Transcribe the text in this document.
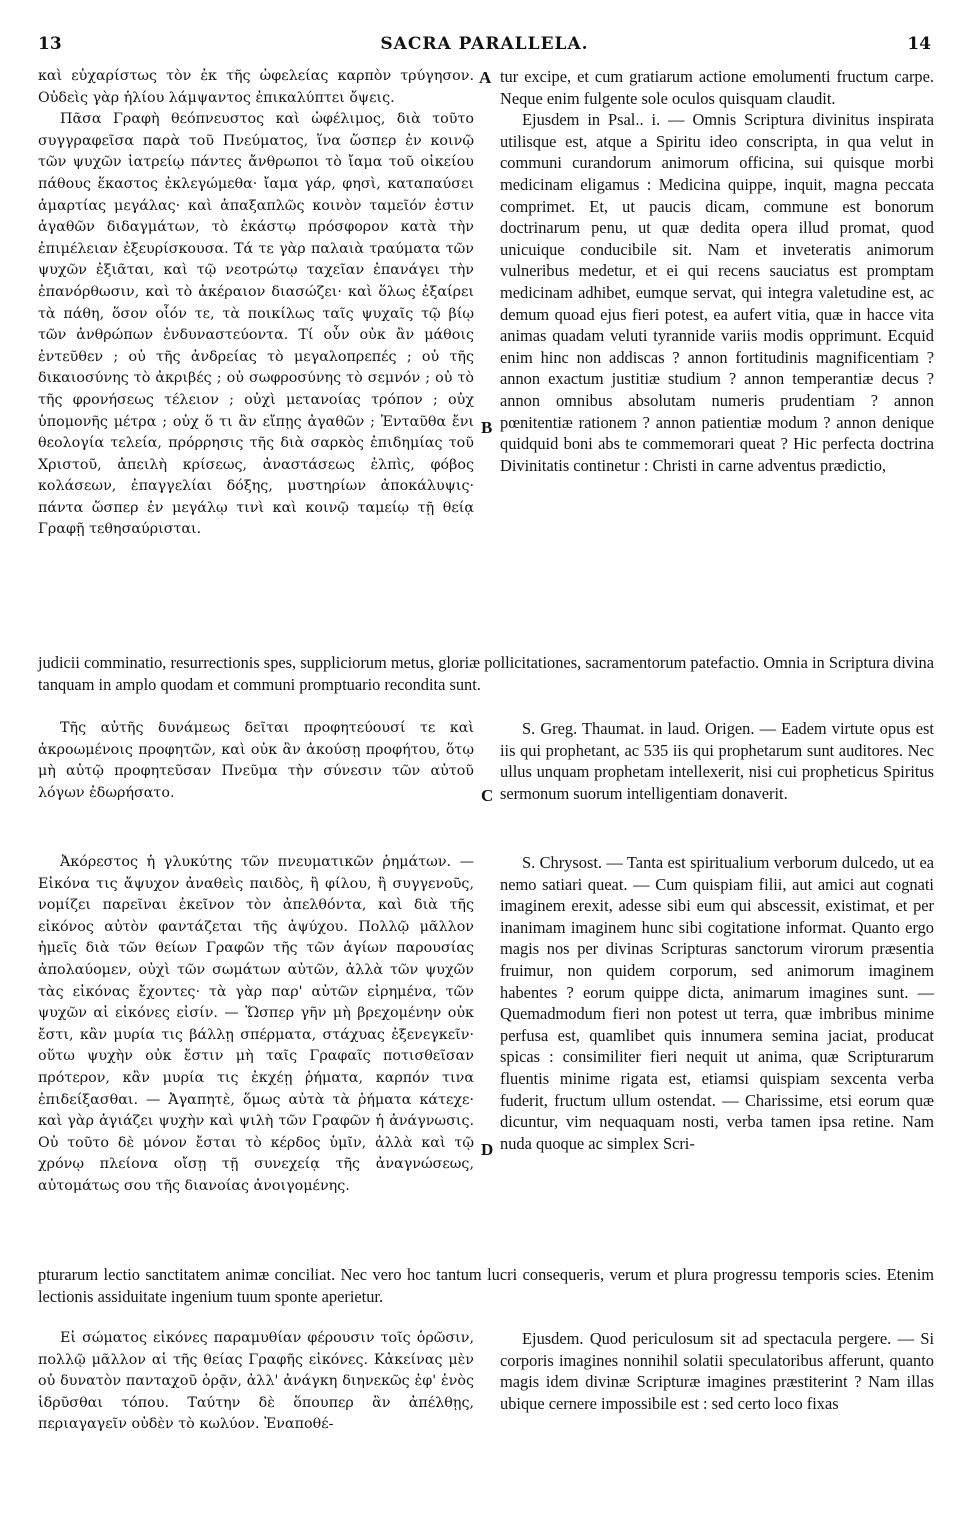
13	SACRA PARALLELA.	14

καὶ εὐχαρίστως τὸν ἐκ τῆς ὠφελείας καρπὸν τρύγησον. Οὐδεὶς γὰρ ἡλίου λάμψαντος ἐπικαλύπτει ὄψεις.

Πᾶσα Γραφὴ θεόπνευστος καὶ ὠφέλιμος, διὰ τοῦτο συγγραφεῖσα παρὰ τοῦ Πνεύματος, ἵνα ὥσπερ ἐν κοινῷ τῶν ψυχῶν ἰατρείῳ πάντες ἄνθρωποι τὸ ἴαμα τοῦ οἰκείου πάθους ἕκαστος ἐκλεγώμεθα· ἴαμα γάρ, φησὶ, καταπαύσει ἁμαρτίας μεγάλας· καὶ ἁπαξαπλῶς κοινὸν ταμεῖόν ἐστιν ἀγαθῶν διδαγμάτων, τὸ ἑκάστῳ πρόσφορον κατὰ τὴν ἐπιμέλειαν ἐξευρίσκουσα. Τά τε γὰρ παλαιὰ τραύματα τῶν ψυχῶν ἐξιᾶται, καὶ τῷ νεοτρώτῳ ταχεῖαν ἐπανάγει τὴν ἐπανόρθωσιν, καὶ τὸ ἀκέραιον διασώζει· καὶ ὅλως ἐξαίρει τὰ πάθη, ὅσον οἷόν τε, τὰ ποικίλως ταῖς ψυχαῖς τῷ βίῳ τῶν ἀνθρώπων ἐνδυναστεύοντα. Τί οὖν οὐκ ἂν μάθοις ἐντεῦθεν ; οὐ τῆς ἀνδρείας τὸ μεγαλοπρεπές ; οὐ τῆς δικαιοσύνης τὸ ἀκριβές ; οὐ σωφροσύνης τὸ σεμνόν ; οὐ τὸ τῆς φρονήσεως τέλειον ; οὐχὶ μετανοίας τρόπον ; οὐχ ὑπομονῆς μέτρα ; οὐχ ὅ τι ἂν εἴπῃς ἀγαθῶν ; Ἐνταῦθα ἔνι θεολογία τελεία, πρόρρησις τῆς διὰ σαρκὸς ἐπιδημίας τοῦ Χριστοῦ, ἀπειλὴ κρίσεως, ἀναστάσεως ἐλπὶς, φόβος κολάσεων, ἐπαγγελίαι δόξης, μυστηρίων ἀποκάλυψις· πάντα ὥσπερ ἐν μεγάλῳ τινὶ καὶ κοινῷ ταμείῳ τῇ θείᾳ Γραφῇ τεθησαύρισται.

tur excipe, et cum gratiarum actione emolumenti fructum carpe. Neque enim fulgente sole oculos quisquam claudit.

Ejusdem in Psal.. i. — Omnis Scriptura divinitus inspirata utilisque est, atque a Spiritu ideo conscripta, in qua velut in communi curandorum animorum officina, sui quisque morbi medicinam eligamus : Medicina quippe, inquit, magna peccata comprimet. Et, ut paucis dicam, commune est bonorum doctrinarum penu, ut quæ dedita opera illud promat, quod unicuique conducibile sit. Nam et inveteratis animorum vulneribus medetur, et ei qui recens sauciatus est promptam medicinam adhibet, eumque servat, qui integra valetudine est, ac demum quoad ejus fieri potest, ea aufert vitia, quæ in hacce vita animas quadam veluti tyrannide variis modis opprimunt. Ecquid enim hinc non addiscas ? annon fortitudinis magnificentiam ? annon exactum justitiæ studium ? annon temperantiæ decus ? annon omnibus absolutam numeris prudentiam ? annon pœnitentiæ rationem ? annon patientiæ modum ? annon denique quidquid boni abs te commemorari queat ? Hic perfecta doctrina Divinitatis continetur : Christi in carne adventus prædictio,

judicii comminatio, resurrectionis spes, suppliciorum metus, gloriæ pollicitationes, sacramentorum patefactio. Omnia in Scriptura divina tanquam in amplo quodam et communi promptuario recondita sunt.

Τῆς αὐτῆς δυνάμεως δεῖται προφητεύουσί τε καὶ ἀκροωμένοις προφητῶν, καὶ οὐκ ἂν ἀκούσῃ προφήτου, ὅτῳ μὴ αὐτῷ προφητεῦσαν Πνεῦμα τὴν σύνεσιν τῶν αὐτοῦ λόγων ἐδωρήσατο.

S. Greg. Thaumat. in laud. Origen. — Eadem virtute opus est iis qui prophetant, ac 535 iis qui prophetarum sunt auditores. Nec ullus unquam prophetam intellexerit, nisi cui propheticus Spiritus sermonum suorum intelligentiam donaverit.

Ἀκόρεστος ἡ γλυκύτης τῶν πνευματικῶν ῥημάτων. — Εἰκόνα τις ἄψυχον ἀναθεὶς παιδὸς, ἢ φίλου, ἢ συγγενοῦς, νομίζει παρεῖναι ἐκεῖνον τὸν ἀπελθόντα, καὶ διὰ τῆς εἰκόνος αὐτὸν φαντάζεται τῆς ἀψύχου. Πολλῷ μᾶλλον ἡμεῖς διὰ τῶν θείων Γραφῶν τῆς τῶν ἁγίων παρουσίας ἀπολαύομεν, οὐχὶ τῶν σωμάτων αὐτῶν, ἀλλὰ τῶν ψυχῶν τὰς εἰκόνας ἔχοντες· τὰ γὰρ παρ' αὐτῶν εἰρημένα, τῶν ψυχῶν αἱ εἰκόνες εἰσίν. — Ὥσπερ γῆν μὴ βρεχομένην οὐκ ἔστι, κἂν μυρία τις βάλλῃ σπέρματα, στάχυας ἐξενεγκεῖν· οὕτω ψυχὴν οὐκ ἔστιν μὴ ταῖς Γραφαῖς ποτισθεῖσαν πρότερον, κἂν μυρία τις ἐκχέῃ ῥήματα, καρπόν τινα ἐπιδείξασθαι. — Ἀγαπητὲ, ὅμως αὐτὰ τὰ ῥήματα κάτεχε· καὶ γὰρ ἁγιάζει ψυχὴν καὶ ψιλὴ τῶν Γραφῶν ἡ ἀνάγνωσις. Οὐ τοῦτο δὲ μόνον ἔσται τὸ κέρδος ὑμῖν, ἀλλὰ καὶ τῷ χρόνῳ πλείονα οἴσῃ τῇ συνεχείᾳ τῆς ἀναγνώσεως, αὐτομάτως σου τῆς διανοίας ἀνοιγομένης.

S. Chrysost. — Tanta est spiritualium verborum dulcedo, ut ea nemo satiari queat. — Cum quispiam filii, aut amici aut cognati imaginem erexit, adesse sibi eum qui abscessit, existimat, et per inanimam imaginem hunc sibi cogitatione informat. Quanto ergo magis nos per divinas Scripturas sanctorum virorum præsentia fruimur, non quidem corporum, sed animorum imaginem habentes ? eorum quippe dicta, animarum imagines sunt. — Quemadmodum fieri non potest ut terra, quæ imbribus minime perfusa est, quamlibet quis innumera semina jaciat, producat spicas : consimiliter fieri nequit ut anima, quæ Scripturarum fluentis minime rigata est, etiamsi quispiam sexcenta verba fuderit, fructum ullum ostendat. — Charissime, etsi eorum quæ dicuntur, vim nequaquam nosti, verba tamen ipsa retine. Nam nuda quoque ac simplex Scri-

pturarum lectio sanctitatem animæ conciliat. Nec vero hoc tantum lucri consequeris, verum et plura progressu temporis scies. Etenim lectionis assiduitate ingenium tuum sponte aperietur.

Εἰ σώματος εἰκόνες παραμυθίαν φέρουσιν τοῖς ὁρῶσιν, πολλῷ μᾶλλον αἱ τῆς θείας Γραφῆς εἰκόνες. Κἀκείνας μὲν οὐ δυνατὸν πανταχοῦ ὁρᾷν, ἀλλ' ἀνάγκη διηνεκῶς ἐφ' ἑνὸς ἱδρῦσθαι τόπου. Ταύτην δὲ ὅπουπερ ἂν ἀπέλθῃς, περιαγαγεῖν οὐδὲν τὸ κωλύον. Ἐναποθέ-

Ejusdem. Quod periculosum sit ad spectacula pergere. — Si corporis imagines nonnihil solatii speculatoribus afferunt, quanto magis idem divinæ Scripturæ imagines præstiterint ? Nam illas ubique cernere impossibile est : sed certo loco fixas

A
B
C
D
